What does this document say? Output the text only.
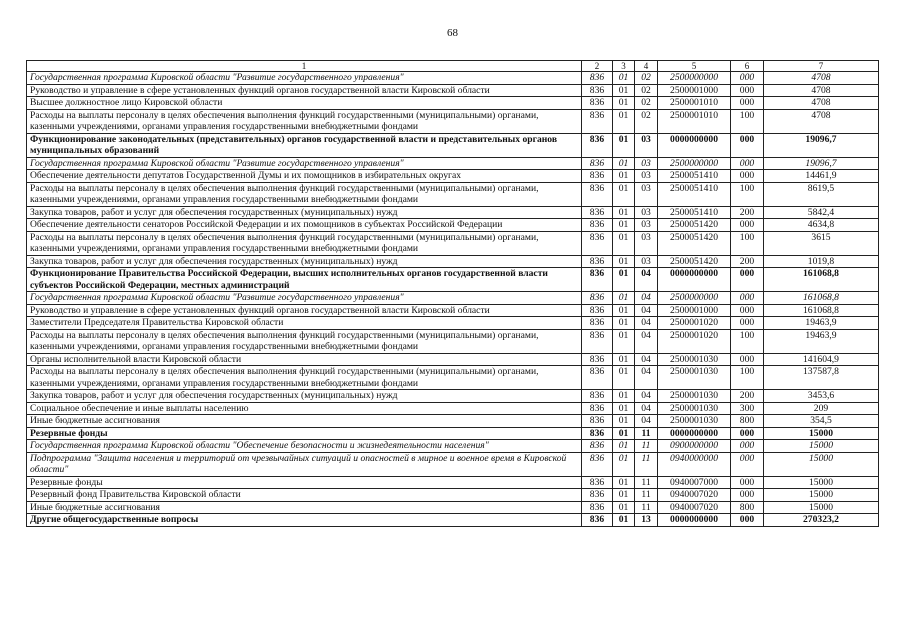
68
1	2	3	4	5	6	7
Государственная программа Кировской области "Развитие государственного управления"	836	01	02	2500000000	000	4708
Руководство и управление в сфере установленных функций органов государственной власти Кировской области	836	01	02	2500001000	000	4708
Высшее должностное лицо Кировской области	836	01	02	2500001010	000	4708
Расходы на выплаты персоналу в целях обеспечения выполнения функций государственными (муниципальными) органами, казенными учреждениями, органами управления государственными внебюджетными фондами	836	01	02	2500001010	100	4708
Функционирование законодательных (представительных) органов государственной власти и представительных органов муниципальных образований	836	01	03	0000000000	000	19096,7
Государственная программа Кировской области "Развитие государственного управления"	836	01	03	2500000000	000	19096,7
Обеспечение деятельности депутатов Государственной Думы и их помощников в избирательных округах	836	01	03	2500051410	000	14461,9
Расходы на выплаты персоналу в целях обеспечения выполнения функций государственными (муниципальными) органами, казенными учреждениями, органами управления государственными внебюджетными фондами	836	01	03	2500051410	100	8619,5
Закупка товаров, работ и услуг для обеспечения государственных (муниципальных) нужд	836	01	03	2500051410	200	5842,4
Обеспечение деятельности сенаторов Российской Федерации и их помощников в субъектах Российской Федерации	836	01	03	2500051420	000	4634,8
Расходы на выплаты персоналу в целях обеспечения выполнения функций государственными (муниципальными) органами, казенными учреждениями, органами управления государственными внебюджетными фондами	836	01	03	2500051420	100	3615
Закупка товаров, работ и услуг для обеспечения государственных (муниципальных) нужд	836	01	03	2500051420	200	1019,8
Функционирование Правительства Российской Федерации, высших исполнительных органов государственной власти субъектов Российской Федерации, местных администраций	836	01	04	0000000000	000	161068,8
Государственная программа Кировской области "Развитие государственного управления"	836	01	04	2500000000	000	161068,8
Руководство и управление в сфере установленных функций органов государственной власти Кировской области	836	01	04	2500001000	000	161068,8
Заместители Председателя Правительства Кировской области	836	01	04	2500001020	000	19463,9
Расходы на выплаты персоналу в целях обеспечения выполнения функций государственными (муниципальными) органами, казенными учреждениями, органами управления государственными внебюджетными фондами	836	01	04	2500001020	100	19463,9
Органы исполнительной власти Кировской области	836	01	04	2500001030	000	141604,9
Расходы на выплаты персоналу в целях обеспечения выполнения функций государственными (муниципальными) органами, казенными учреждениями, органами управления государственными внебюджетными фондами	836	01	04	2500001030	100	137587,8
Закупка товаров, работ и услуг для обеспечения государственных (муниципальных) нужд	836	01	04	2500001030	200	3453,6
Социальное обеспечение и иные выплаты населению	836	01	04	2500001030	300	209
Иные бюджетные ассигнования	836	01	04	2500001030	800	354,5
Резервные фонды	836	01	11	0000000000	000	15000
Государственная программа Кировской области "Обеспечение безопасности и жизнедеятельности населения"	836	01	11	0900000000	000	15000
Подпрограмма "Защита населения и территорий от чрезвычайных ситуаций и опасностей в мирное и военное время в Кировской области"	836	01	11	0940000000	000	15000
Резервные фонды	836	01	11	0940007000	000	15000
Резервный фонд Правительства Кировской области	836	01	11	0940007020	000	15000
Иные бюджетные ассигнования	836	01	11	0940007020	800	15000
Другие общегосударственные вопросы	836	01	13	0000000000	000	270323,2
